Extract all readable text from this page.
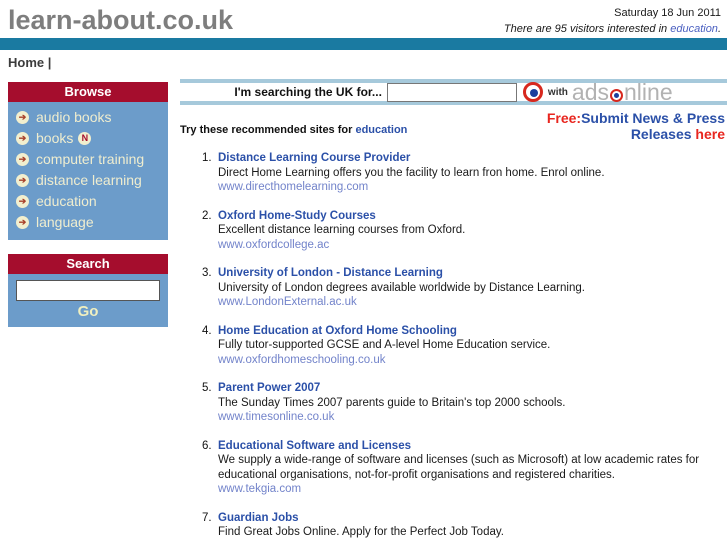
learn-about.co.uk	Saturday 18 Jun 2011
There are 95 visitors interested in education.
Home |
Browse
➔ audio books
➔ books N
➔ computer training
➔ distance learning
➔ education
➔ language
Search
Go
I'm searching the UK for...	with ads nline
Try these recommended sites for education
Free:Submit News & Press
Releases here
1. Distance Learning Course Provider
Direct Home Learning offers you the facility to learn fron home. Enrol online.
www.directhomelearning.com
2. Oxford Home-Study Courses
Excellent distance learning courses from Oxford.
www.oxfordcollege.ac
3. University of London - Distance Learning
University of London degrees available worldwide by Distance Learning.
www.LondonExternal.ac.uk
4. Home Education at Oxford Home Schooling
Fully tutor-supported GCSE and A-level Home Education service.
www.oxfordhomeschooling.co.uk
5. Parent Power 2007
The Sunday Times 2007 parents guide to Britain's top 2000 schools.
www.timesonline.co.uk
6. Educational Software and Licenses
We supply a wide-range of software and licenses (such as Microsoft) at low academic rates for educational organisations, not-for-profit organisations and registered charities.
www.tekgia.com
7. Guardian Jobs
Find Great Jobs Online. Apply for the Perfect Job Today.
